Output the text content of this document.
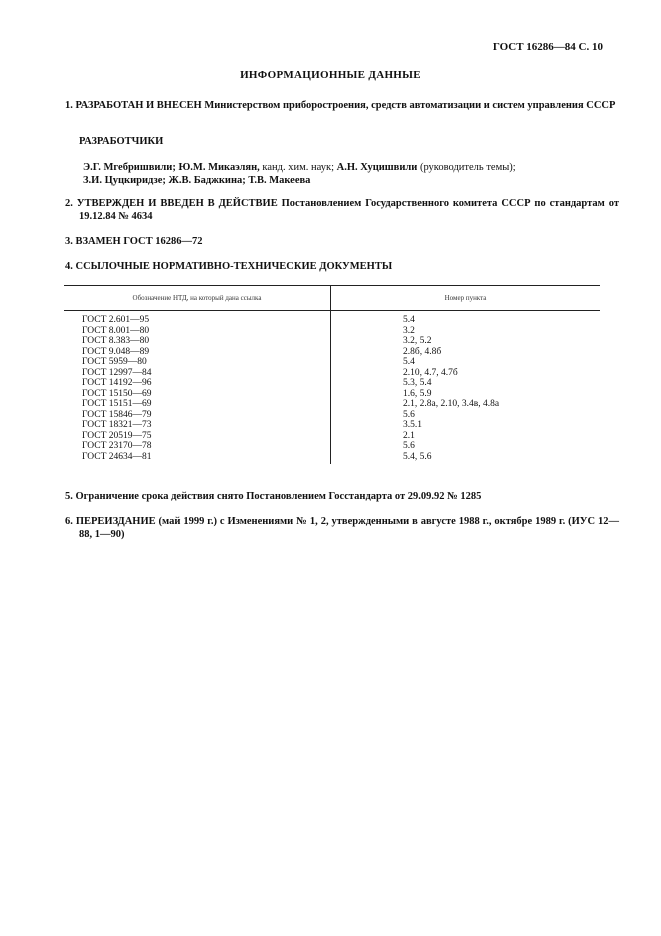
ГОСТ 16286—84 С. 10
ИНФОРМАЦИОННЫЕ ДАННЫЕ
1. РАЗРАБОТАН И ВНЕСЕН Министерством приборостроения, средств автоматизации и систем управления СССР
РАЗРАБОТЧИКИ
Э.Г. Мгебришвили; Ю.М. Микаэлян, канд. хим. наук; А.Н. Хуцишвили (руководитель темы);
З.И. Цуцкиридзе; Ж.В. Баджкина; Т.В. Макеева
2. УТВЕРЖДЕН И ВВЕДЕН В ДЕЙСТВИЕ Постановлением Государственного комитета СССР по стандартам от 19.12.84 № 4634
3. ВЗАМЕН ГОСТ 16286—72
4. ССЫЛОЧНЫЕ НОРМАТИВНО-ТЕХНИЧЕСКИЕ ДОКУМЕНТЫ
Обозначение НТД, на который дана ссылка	Номер пункта
ГОСТ 2.601—95	5.4
ГОСТ 8.001—80	3.2
ГОСТ 8.383—80	3.2, 5.2
ГОСТ 9.048—89	2.8б, 4.8б
ГОСТ 5959—80	5.4
ГОСТ 12997—84	2.10, 4.7, 4.7б
ГОСТ 14192—96	5.3, 5.4
ГОСТ 15150—69	1.6, 5.9
ГОСТ 15151—69	2.1, 2.8а, 2.10, 3.4в, 4.8а
ГОСТ 15846—79	5.6
ГОСТ 18321—73	3.5.1
ГОСТ 20519—75	2.1
ГОСТ 23170—78	5.6
ГОСТ 24634—81	5.4, 5.6
5. Ограничение срока действия снято Постановлением Госстандарта от 29.09.92 № 1285
6. ПЕРЕИЗДАНИЕ (май 1999 г.) с Изменениями № 1, 2, утвержденными в августе 1988 г., октябре 1989 г. (ИУС 12—88, 1—90)
